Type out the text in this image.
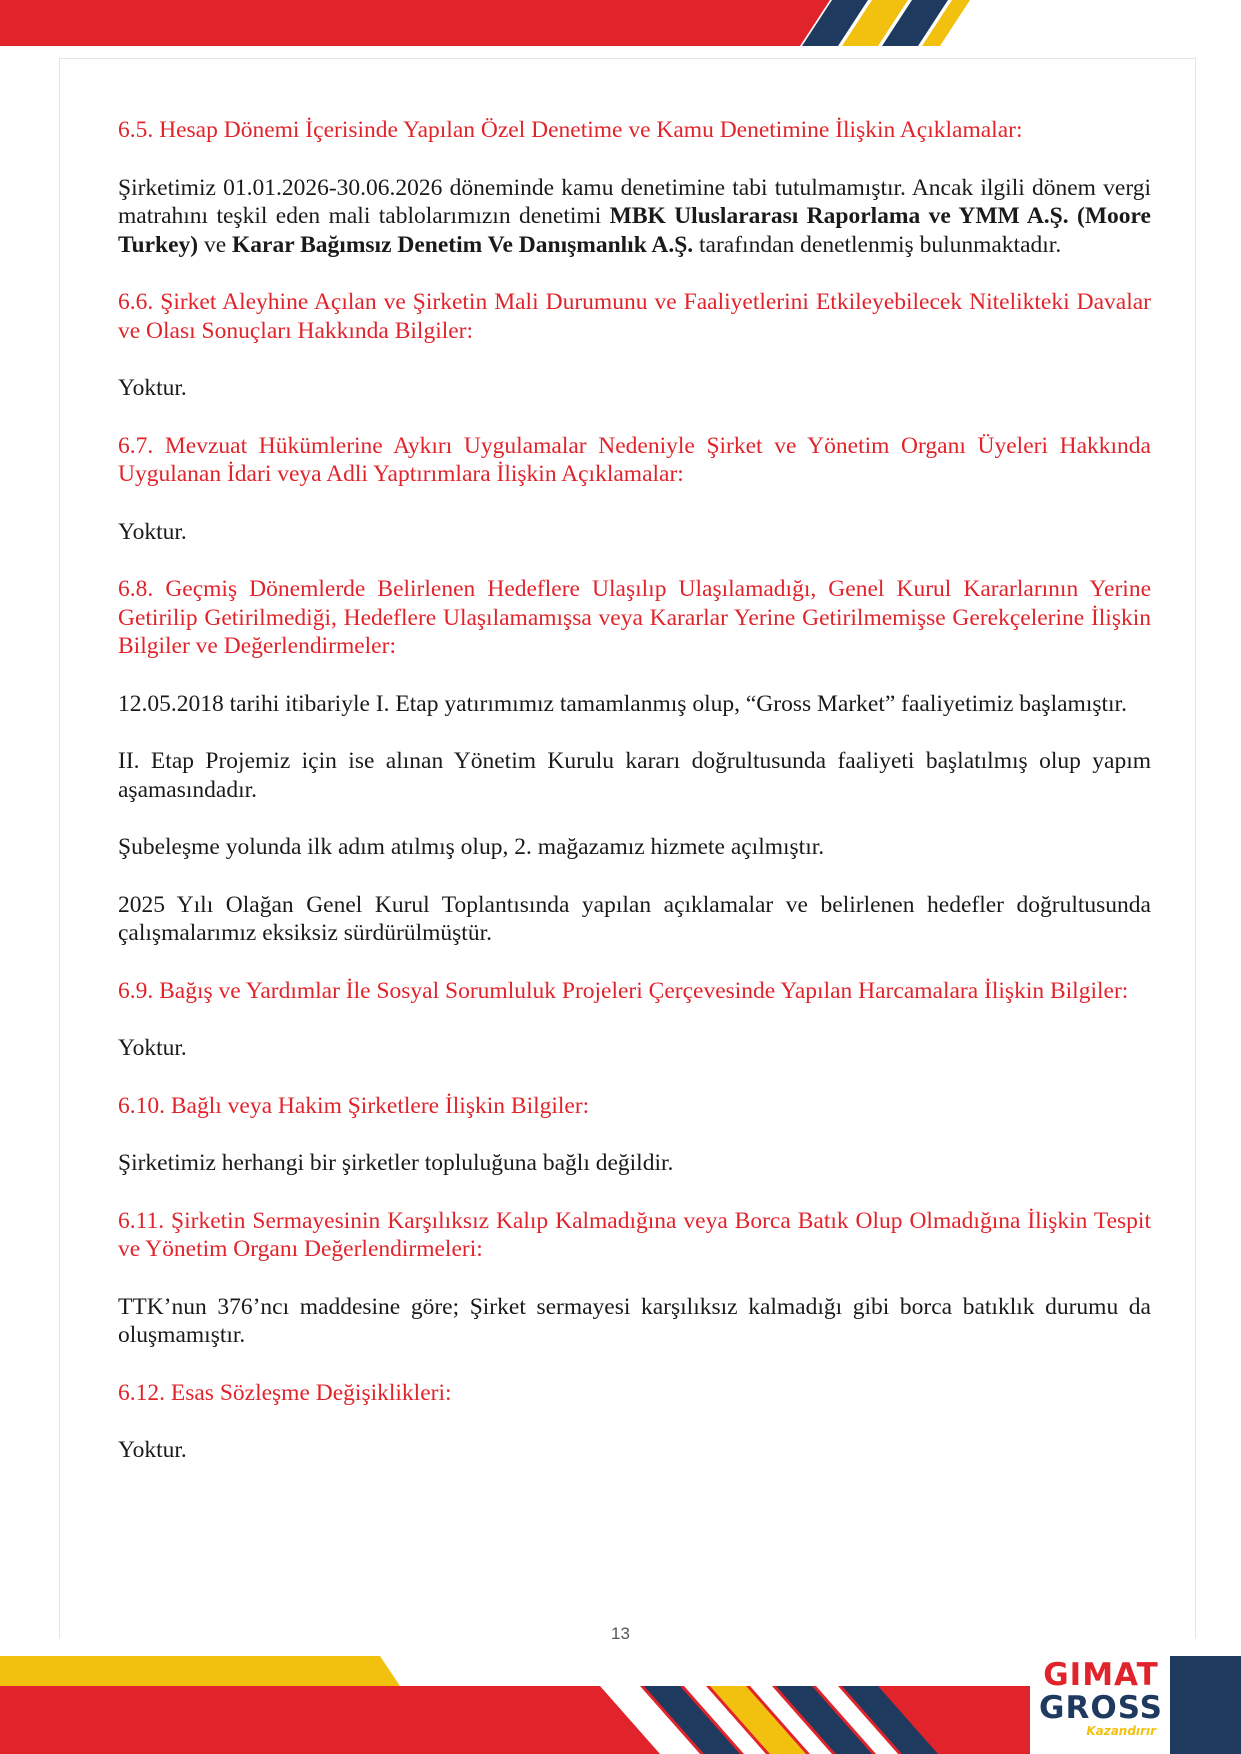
6.5. Hesap Dönemi İçerisinde Yapılan Özel Denetime ve Kamu Denetimine İlişkin Açıklamalar:

Şirketimiz 01.01.2026-30.06.2026 döneminde kamu denetimine tabi tutulmamıştır. Ancak ilgili dönem vergi matrahını teşkil eden mali tablolarımızın denetimi MBK Uluslararası Raporlama ve YMM A.Ş. (Moore Turkey) ve Karar Bağımsız Denetim Ve Danışmanlık A.Ş. tarafından denetlenmiş bulunmaktadır.

6.6. Şirket Aleyhine Açılan ve Şirketin Mali Durumunu ve Faaliyetlerini Etkileyebilecek Nitelikteki Davalar ve Olası Sonuçları Hakkında Bilgiler:

Yoktur.

6.7. Mevzuat Hükümlerine Aykırı Uygulamalar Nedeniyle Şirket ve Yönetim Organı Üyeleri Hakkında Uygulanan İdari veya Adli Yaptırımlara İlişkin Açıklamalar:

Yoktur.

6.8. Geçmiş Dönemlerde Belirlenen Hedeflere Ulaşılıp Ulaşılamadığı, Genel Kurul Kararlarının Yerine Getirilip Getirilmediği, Hedeflere Ulaşılamamışsa veya Kararlar Yerine Getirilmemişse Gerekçelerine İlişkin Bilgiler ve Değerlendirmeler:

12.05.2018 tarihi itibariyle I. Etap yatırımımız tamamlanmış olup, “Gross Market” faaliyetimiz başlamıştır.

II. Etap Projemiz için ise alınan Yönetim Kurulu kararı doğrultusunda faaliyeti başlatılmış olup yapım aşamasındadır.

Şubeleşme yolunda ilk adım atılmış olup, 2. mağazamız hizmete açılmıştır.

2025 Yılı Olağan Genel Kurul Toplantısında yapılan açıklamalar ve belirlenen hedefler doğrultusunda çalışmalarımız eksiksiz sürdürülmüştür.

6.9. Bağış ve Yardımlar İle Sosyal Sorumluluk Projeleri Çerçevesinde Yapılan Harcamalara İlişkin Bilgiler:

Yoktur.

6.10. Bağlı veya Hakim Şirketlere İlişkin Bilgiler:

Şirketimiz herhangi bir şirketler topluluğuna bağlı değildir.

6.11. Şirketin Sermayesinin Karşılıksız Kalıp Kalmadığına veya Borca Batık Olup Olmadığına İlişkin Tespit ve Yönetim Organı Değerlendirmeleri:

TTK’nun 376’ncı maddesine göre; Şirket sermayesi karşılıksız kalmadığı gibi borca batıklık durumu da oluşmamıştır.

6.12. Esas Sözleşme Değişiklikleri:

Yoktur.

13
GIMAT
GROSS
Kazandırır
